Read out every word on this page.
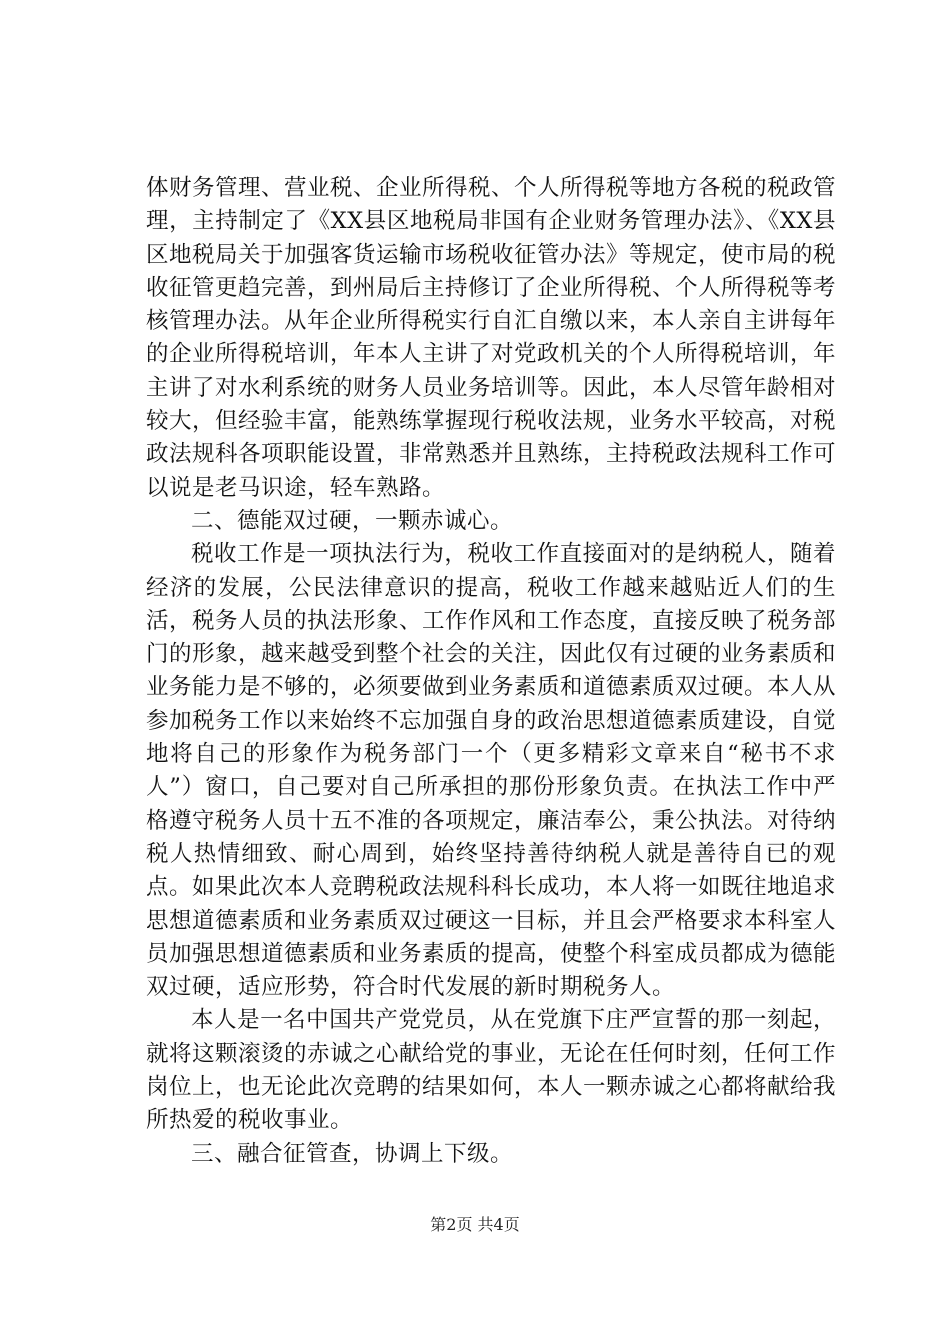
体财务管理、营业税、企业所得税、个人所得税等地方各税的税政管理，主持制定了《XX县区地税局非国有企业财务管理办法》、《XX县区地税局关于加强客货运输市场税收征管办法》等规定，使市局的税收征管更趋完善，到州局后主持修订了企业所得税、个人所得税等考核管理办法。从年企业所得税实行自汇自缴以来，本人亲自主讲每年的企业所得税培训，年本人主讲了对党政机关的个人所得税培训，年主讲了对水利系统的财务人员业务培训等。因此，本人尽管年龄相对较大，但经验丰富，能熟练掌握现行税收法规，业务水平较高，对税政法规科各项职能设置，非常熟悉并且熟练，主持税政法规科工作可以说是老马识途，轻车熟路。

二、德能双过硬，一颗赤诚心。

税收工作是一项执法行为，税收工作直接面对的是纳税人，随着经济的发展，公民法律意识的提高，税收工作越来越贴近人们的生活，税务人员的执法形象、工作作风和工作态度，直接反映了税务部门的形象，越来越受到整个社会的关注，因此仅有过硬的业务素质和业务能力是不够的，必须要做到业务素质和道德素质双过硬。本人从参加税务工作以来始终不忘加强自身的政治思想道德素质建设，自觉地将自己的形象作为税务部门一个（更多精彩文章来自“秘书不求人”）窗口，自己要对自己所承担的那份形象负责。在执法工作中严格遵守税务人员十五不准的各项规定，廉洁奉公，秉公执法。对待纳税人热情细致、耐心周到，始终坚持善待纳税人就是善待自已的观点。如果此次本人竞聘税政法规科科长成功，本人将一如既往地追求思想道德素质和业务素质双过硬这一目标，并且会严格要求本科室人员加强思想道德素质和业务素质的提高，使整个科室成员都成为德能双过硬，适应形势，符合时代发展的新时期税务人。

本人是一名中国共产党党员，从在党旗下庄严宣誓的那一刻起，就将这颗滚烫的赤诚之心献给党的事业，无论在任何时刻，任何工作岗位上，也无论此次竞聘的结果如何，本人一颗赤诚之心都将献给我所热爱的税收事业。

三、融合征管查，协调上下级。

第2页 共4页
